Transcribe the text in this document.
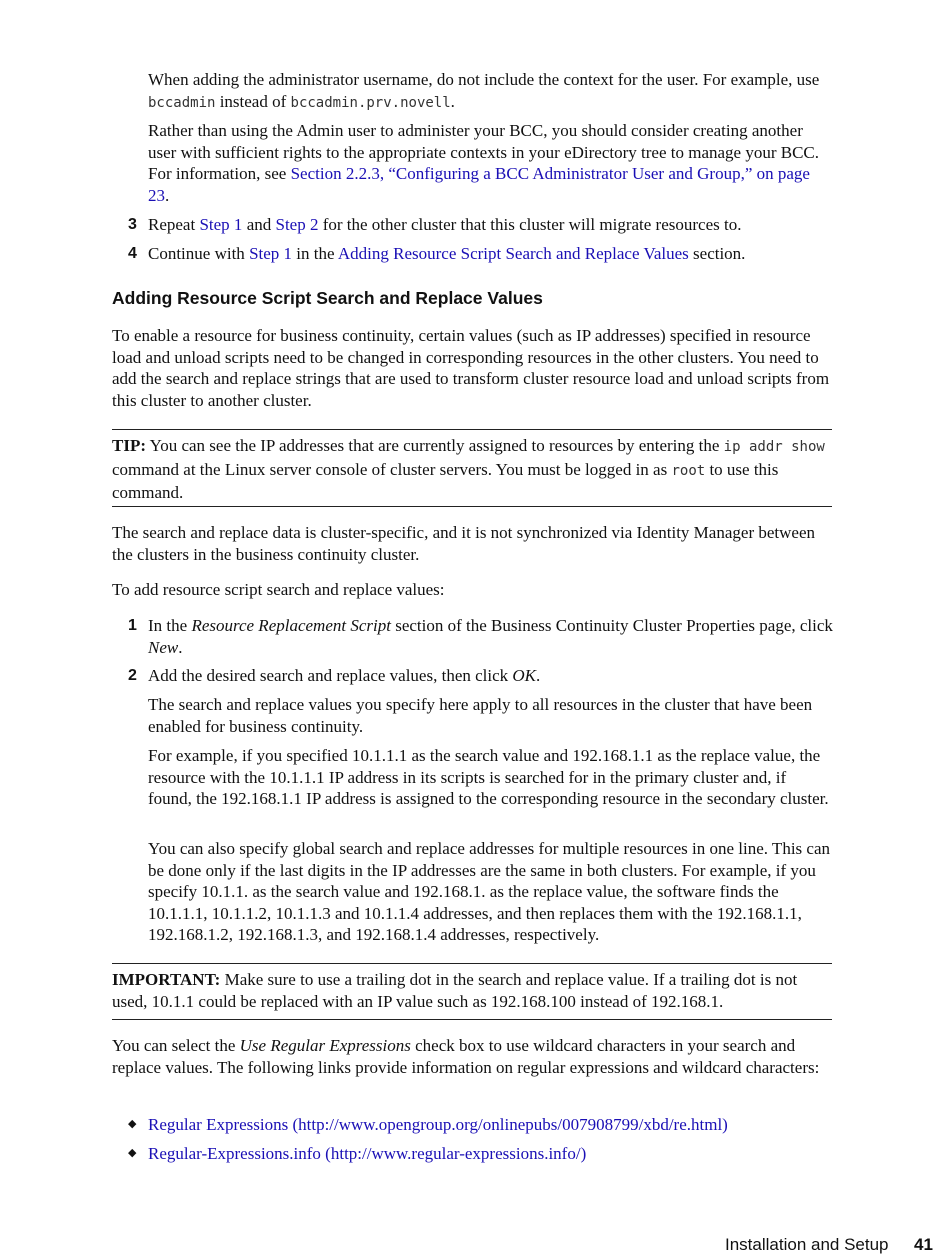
When adding the administrator username, do not include the context for the user. For example, use bccadmin instead of bccadmin.prv.novell.

Rather than using the Admin user to administer your BCC, you should consider creating another user with sufficient rights to the appropriate contexts in your eDirectory tree to manage your BCC. For information, see Section 2.2.3, “Configuring a BCC Administrator User and Group,” on page 23.

3 Repeat Step 1 and Step 2 for the other cluster that this cluster will migrate resources to.

4 Continue with Step 1 in the Adding Resource Script Search and Replace Values section.

Adding Resource Script Search and Replace Values

To enable a resource for business continuity, certain values (such as IP addresses) specified in resource load and unload scripts need to be changed in corresponding resources in the other clusters. You need to add the search and replace strings that are used to transform cluster resource load and unload scripts from this cluster to another cluster.

TIP: You can see the IP addresses that are currently assigned to resources by entering the ip addr show command at the Linux server console of cluster servers. You must be logged in as root to use this command.

The search and replace data is cluster-specific, and it is not synchronized via Identity Manager between the clusters in the business continuity cluster.

To add resource script search and replace values:

1 In the Resource Replacement Script section of the Business Continuity Cluster Properties page, click New.

2 Add the desired search and replace values, then click OK.

The search and replace values you specify here apply to all resources in the cluster that have been enabled for business continuity.

For example, if you specified 10.1.1.1 as the search value and 192.168.1.1 as the replace value, the resource with the 10.1.1.1 IP address in its scripts is searched for in the primary cluster and, if found, the 192.168.1.1 IP address is assigned to the corresponding resource in the secondary cluster.

You can also specify global search and replace addresses for multiple resources in one line. This can be done only if the last digits in the IP addresses are the same in both clusters. For example, if you specify 10.1.1. as the search value and 192.168.1. as the replace value, the software finds the 10.1.1.1, 10.1.1.2, 10.1.1.3 and 10.1.1.4 addresses, and then replaces them with the 192.168.1.1, 192.168.1.2, 192.168.1.3, and 192.168.1.4 addresses, respectively.

IMPORTANT: Make sure to use a trailing dot in the search and replace value. If a trailing dot is not used, 10.1.1 could be replaced with an IP value such as 192.168.100 instead of 192.168.1.

You can select the Use Regular Expressions check box to use wildcard characters in your search and replace values. The following links provide information on regular expressions and wildcard characters:

◆ Regular Expressions (http://www.opengroup.org/onlinepubs/007908799/xbd/re.html)
◆ Regular-Expressions.info (http://www.regular-expressions.info/)
Installation and Setup 41
